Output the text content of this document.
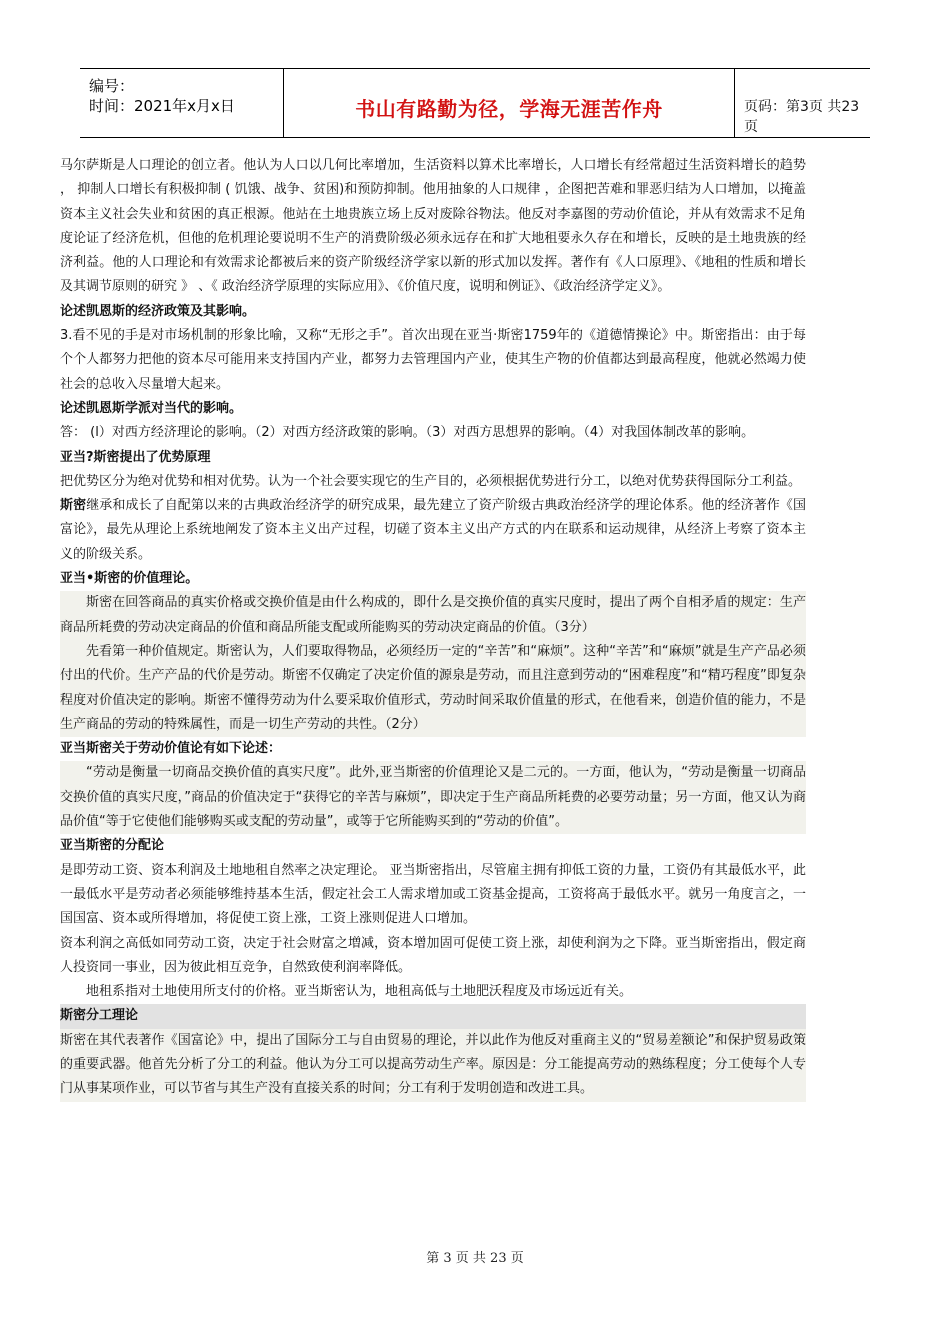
编号：
时间：2021年x月x日	书山有路勤为径，学海无涯苦作舟	页码：第3页 共23页

马尔萨斯是人口理论的创立者。他认为人口以几何比率增加，生活资料以算术比率增长，人口增长有经常超过生活资料增长的趋势 ， 抑制人口增长有积极抑制 ( 饥饿、战争、贫困)和预防抑制。他用抽象的人口规律 ，企图把苦难和罪恶归结为人口增加，以掩盖资本主义社会失业和贫困的真正根源。他站在土地贵族立场上反对废除谷物法。他反对李嘉图的劳动价值论，并从有效需求不足角度论证了经济危机，但他的危机理论要说明不生产的消费阶级必须永远存在和扩大地租要永久存在和增长，反映的是土地贵族的经济利益。他的人口理论和有效需求论都被后来的资产阶级经济学家以新的形式加以发挥。著作有《人口原理》、《地租的性质和增长及其调节原则的研究 》 、《 政治经济学原理的实际应用》、《价值尺度，说明和例证》、《政治经济学定义》。

论述凯恩斯的经济政策及其影响。

3.看不见的手是对市场机制的形象比喻，又称“无形之手”。首次出现在亚当·斯密1759年的《道德情操论》中。斯密指出：由于每个个人都努力把他的资本尽可能用来支持国内产业，都努力去管理国内产业，使其生产物的价值都达到最高程度，他就必然竭力使社会的总收入尽量增大起来。

论述凯恩斯学派对当代的影响。

答： (l）对西方经济理论的影响。（2）对西方经济政策的影响。（3）对西方思想界的影响。（4）对我国体制改革的影响。

亚当?斯密提出了优势原理

把优势区分为绝对优势和相对优势。认为一个社会要实现它的生产目的，必须根据优势进行分工，以绝对优势获得国际分工利益。

斯密继承和成长了自配第以来的古典政治经济学的研究成果，最先建立了资产阶级古典政治经济学的理论体系。他的经济著作《国富论》，最先从理论上系统地阐发了资本主义出产过程，切磋了资本主义出产方式的内在联系和运动规律，从经济上考察了资本主义的阶级关系。

亚当•斯密的价值理论。

斯密在回答商品的真实价格或交换价值是由什么构成的，即什么是交换价值的真实尺度时，提出了两个自相矛盾的规定：生产商品所耗费的劳动决定商品的价值和商品所能支配或所能购买的劳动决定商品的价值。（3分）

先看第一种价值规定。斯密认为，人们要取得物品，必须经历一定的“辛苦”和“麻烦”。这种“辛苦”和“麻烦”就是生产产品必须付出的代价。生产产品的代价是劳动。斯密不仅确定了决定价值的源泉是劳动，而且注意到劳动的“困难程度”和“精巧程度”即复杂程度对价值决定的影响。斯密不懂得劳动为什么要采取价值形式，劳动时间采取价值量的形式，在他看来，创造价值的能力，不是生产商品的劳动的特殊属性，而是一切生产劳动的共性。（2分）

亚当斯密关于劳动价值论有如下论述：

“劳动是衡量一切商品交换价值的真实尺度”。此外,亚当斯密的价值理论又是二元的。一方面，他认为，“劳动是衡量一切商品交换价值的真实尺度，”商品的价值决定于“获得它的辛苦与麻烦”，即决定于生产商品所耗费的必要劳动量；另一方面，他又认为商品价值“等于它使他们能够购买或支配的劳动量”，或等于它所能购买到的“劳动的价值”。

亚当斯密的分配论

是即劳动工资、资本利润及土地地租自然率之决定理论。 亚当斯密指出，尽管雇主拥有抑低工资的力量，工资仍有其最低水平，此一最低水平是劳动者必须能够维持基本生活，假定社会工人需求增加或工资基金提高，工资将高于最低水平。就另一角度言之，一国国富、资本或所得增加，将促使工资上涨，工资上涨则促进人口增加。

资本利润之高低如同劳动工资，决定于社会财富之増减，资本增加固可促使工资上涨，却使利润为之下降。亚当斯密指出，假定商人投资同一事业，因为彼此相互竞争，自然致使利润率降低。

地租系指对土地使用所支付的价格。亚当斯密认为，地租高低与土地肥沃程度及市场远近有关。

斯密分工理论

斯密在其代表著作《国富论》中，提出了国际分工与自由贸易的理论，并以此作为他反对重商主义的“贸易差额论”和保护贸易政策的重要武器。他首先分析了分工的利益。他认为分工可以提高劳动生产率。原因是：分工能提高劳动的熟练程度；分工使每个人专门从事某项作业，可以节省与其生产没有直接关系的时间；分工有利于发明创造和改进工具。

第 3 页 共 23 页
